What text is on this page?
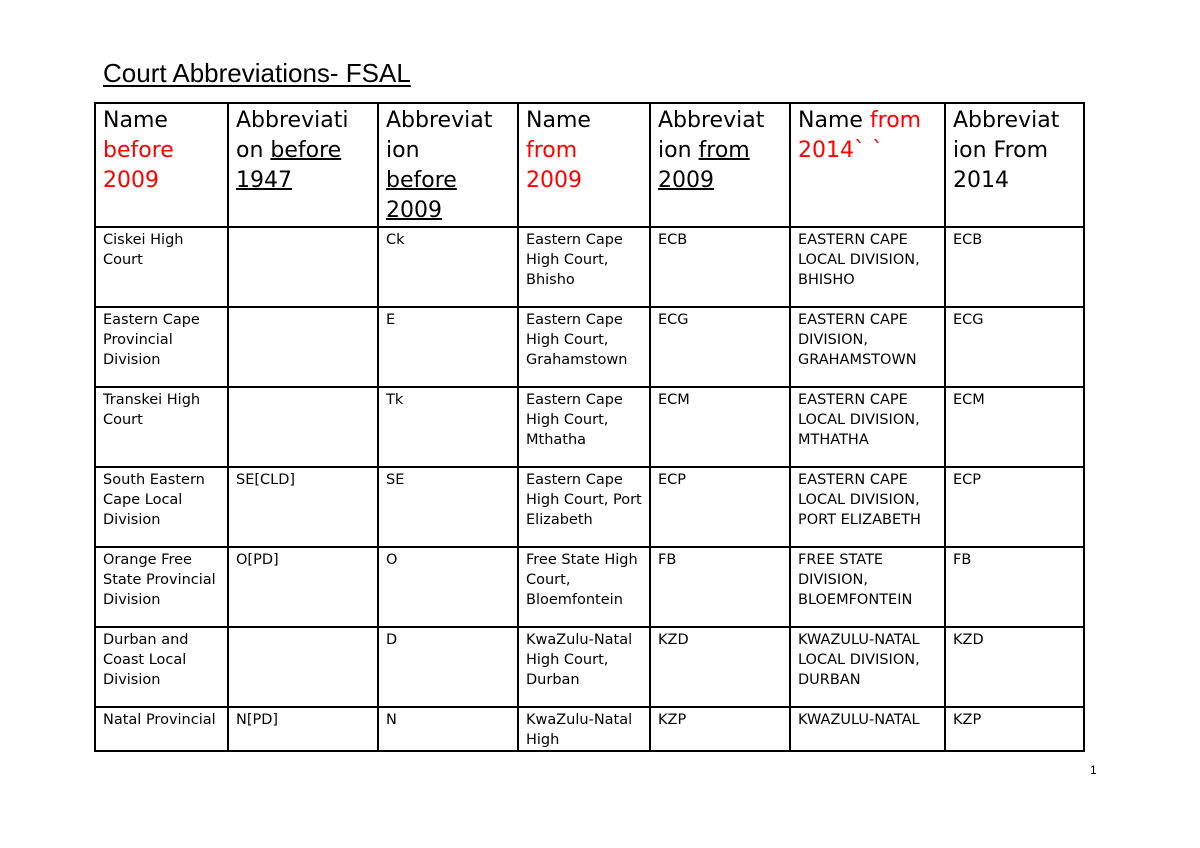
Court Abbreviations- FSAL
Name
before
2009	Abbreviati
on before
1947	Abbreviat
ion
before
2009	Name
from
2009	Abbreviat
ion from
2009	Name from
2014` `	Abbreviat
ion From
2014
Ciskei High Court		Ck	Eastern Cape High Court, Bhisho	ECB	EASTERN CAPE LOCAL DIVISION, BHISHO	ECB
Eastern Cape Provincial Division		E	Eastern Cape High Court, Grahamstown	ECG	EASTERN CAPE DIVISION, GRAHAMSTOWN	ECG
Transkei High Court		Tk	Eastern Cape High Court, Mthatha	ECM	EASTERN CAPE LOCAL DIVISION, MTHATHA	ECM
South Eastern Cape Local Division	SE[CLD]	SE	Eastern Cape High Court, Port Elizabeth	ECP	EASTERN CAPE LOCAL DIVISION, PORT ELIZABETH	ECP
Orange Free State Provincial Division	O[PD]	O	Free State High Court, Bloemfontein	FB	FREE STATE DIVISION, BLOEMFONTEIN	FB
Durban and Coast Local Division		D	KwaZulu-Natal High Court, Durban	KZD	KWAZULU-NATAL LOCAL DIVISION, DURBAN	KZD
Natal Provincial	N[PD]	N	KwaZulu-Natal High	KZP	KWAZULU-NATAL	KZP
1
